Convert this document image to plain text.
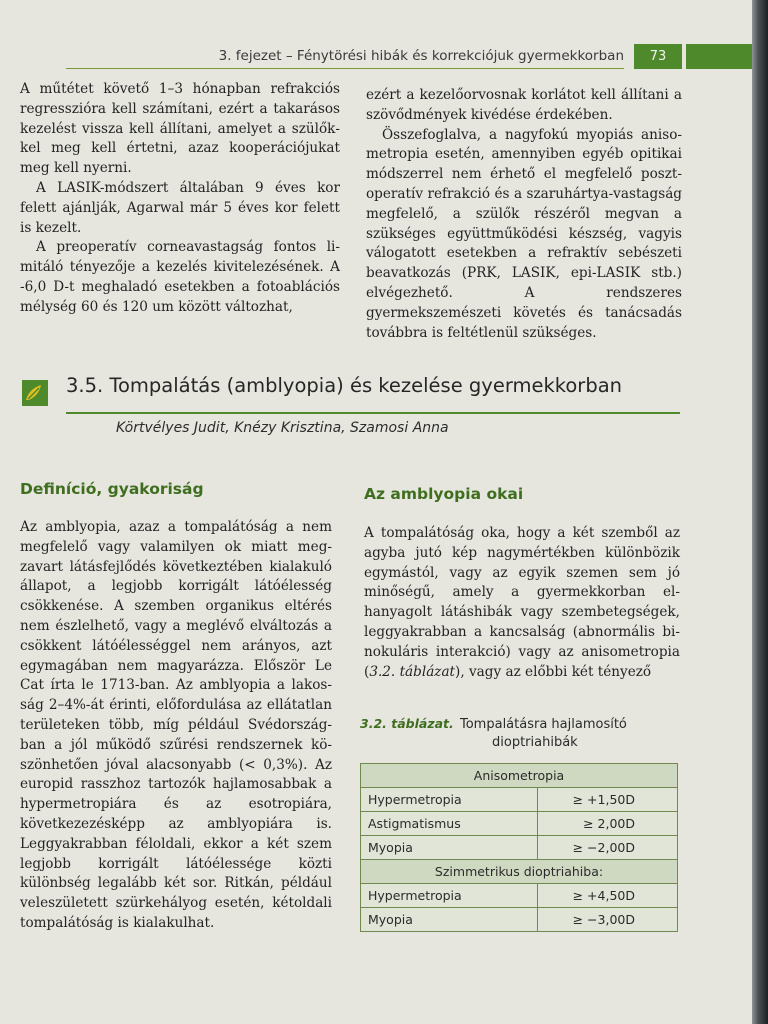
3. fejezet – Fénytörési hibák és korrekciójuk gyermekkorban	73

A műtétet követő 1–3 hónapban refrakciós regresszióra kell számítani, ezért a takarásos kezelést vissza kell állítani, amelyet a szülőkkel meg kell értetni, azaz kooperációjukat meg kell nyerni.

A LASIK-módszert általában 9 éves kor felett ajánlják, Agarwal már 5 éves kor felett is kezelt.

A preoperatív corneavastagság fontos limitáló tényezője a kezelés kivitelezésének. A -6,0 D-t meghaladó esetekben a fotoablációs mélység 60 és 120 um között változhat,

ezért a kezelőorvosnak korlátot kell állítani a szövődmények kivédése érdekében.

Összefoglalva, a nagyfokú myopiás anisometropia esetén, amennyiben egyéb opitikai módszerrel nem érhető el megfelelő posztoperatív refrakció és a szaruhártya-vastagság megfelelő, a szülők részéről megvan a szükséges együttműködési készség, vagyis válogatott esetekben a refraktív sebészeti beavatkozás (PRK, LASIK, epi-LASIK stb.) elvégezhető. A rendszeres gyermekszemészeti követés és tanácsadás továbbra is feltétlenül szükséges.

3.5. Tompalátás (amblyopia) és kezelése gyermekkorban
Körtvélyes Judit, Knézy Krisztina, Szamosi Anna
Definíció, gyakoriság	Az amblyopia okai

Az amblyopia, azaz a tompalátóság a nem megfelelő vagy valamilyen ok miatt megzavart látásfejlődés következtében kialakuló állapot, a legjobb korrigált látóélesség csökkenése. A szemben organikus eltérés nem észlelhető, vagy a meglévő elváltozás a csökkent látóélességgel nem arányos, azt egymagában nem magyarázza. Először Le Cat írta le 1713-ban. Az amblyopia a lakosság 2–4%-át érinti, előfordulása az ellátatlan területeken több, míg például Svédországban a jól működő szűrési rendszernek köszönhetően jóval alacsonyabb (< 0,3%). Az europid rasszhoz tartozók hajlamosabbak a hypermetropiára és az esotropiára, következezésképp az amblyopiára is. Leggyakrabban féloldali, ekkor a két szem legjobb korrigált látóélessége közti különbség legalább két sor. Ritkán, például veleszületett szürkehályog esetén, kétoldali tompalátóság is kialakulhat.

A tompalátóság oka, hogy a két szemből az agyba jutó kép nagymértékben különbözik egymástól, vagy az egyik szemen sem jó minőségű, amely a gyermekkorban elhanyagolt látáshibák vagy szembetegségek, leggyakrabban a kancsalság (abnormális binokuláris interakció) vagy az anisometropia (3.2. táblázat), vagy az előbbi két tényező

3.2. táblázat. Tompalátásra hajlamosító
dioptriahibák
Anisometropia	
Hypermetropia	≥ +1,50D
Astigmatismus	≥ 2,00D
Myopia	≥ −2,00D
Szimmetrikus dioptriahiba:	
Hypermetropia	≥ +4,50D
Myopia	≥ −3,00D
